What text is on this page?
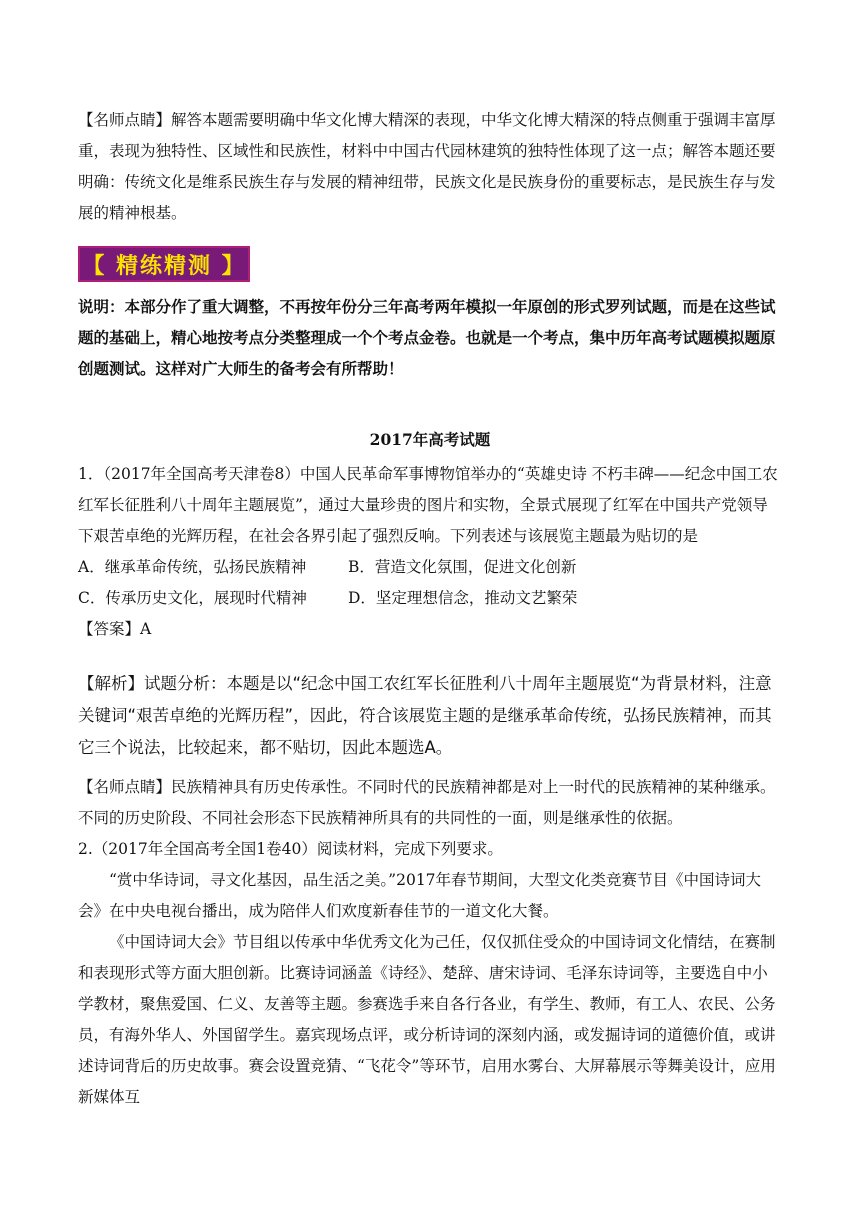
【名师点睛】解答本题需要明确中华文化博大精深的表现，中华文化博大精深的特点侧重于强调丰富厚重，表现为独特性、区域性和民族性，材料中中国古代园林建筑的独特性体现了这一点；解答本题还要明确：传统文化是维系民族生存与发展的精神纽带，民族文化是民族身份的重要标志，是民族生存与发展的精神根基。

【 精练精测 】

说明：本部分作了重大调整，不再按年份分三年高考两年模拟一年原创的形式罗列试题，而是在这些试题的基础上，精心地按考点分类整理成一个个考点金卷。也就是一个考点，集中历年高考试题模拟题原创题测试。这样对广大师生的备考会有所帮助！

2017年高考试题

1．（2017年全国高考天津卷8）中国人民革命军事博物馆举办的“英雄史诗 不朽丰碑——纪念中国工农红军长征胜利八十周年主题展览”，通过大量珍贵的图片和实物，全景式展现了红军在中国共产党领导下艰苦卓绝的光辉历程，在社会各界引起了强烈反响。下列表述与该展览主题最为贴切的是

A．继承革命传统，弘扬民族精神	B．营造文化氛围，促进文化创新
C．传承历史文化，展现时代精神	D．坚定理想信念，推动文艺繁荣

【答案】A

【解析】试题分析：本题是以“纪念中国工农红军长征胜利八十周年主题展览“为背景材料，注意关键词“艰苦卓绝的光辉历程”，因此，符合该展览主题的是继承革命传统，弘扬民族精神，而其它三个说法，比较起来，都不贴切，因此本题选A。

【名师点睛】民族精神具有历史传承性。不同时代的民族精神都是对上一时代的民族精神的某种继承。不同的历史阶段、不同社会形态下民族精神所具有的共同性的一面，则是继承性的依据。

2.（2017年全国高考全国1卷40）阅读材料，完成下列要求。

“赏中华诗词，寻文化基因，品生活之美。”2017年春节期间，大型文化类竞赛节目《中国诗词大会》在中央电视台播出，成为陪伴人们欢度新春佳节的一道文化大餐。

《中国诗词大会》节目组以传承中华优秀文化为己任，仅仅抓住受众的中国诗词文化情结，在赛制和表现形式等方面大胆创新。比赛诗词涵盖《诗经》、楚辞、唐宋诗词、毛泽东诗词等，主要选自中小学教材，聚焦爱国、仁义、友善等主题。参赛选手来自各行各业，有学生、教师，有工人、农民、公务员，有海外华人、外国留学生。嘉宾现场点评，或分析诗词的深刻内涵，或发掘诗词的道德价值，或讲述诗词背后的历史故事。赛会设置竞猜、“飞花令”等环节，启用水雾台、大屏幕展示等舞美设计，应用新媒体互
